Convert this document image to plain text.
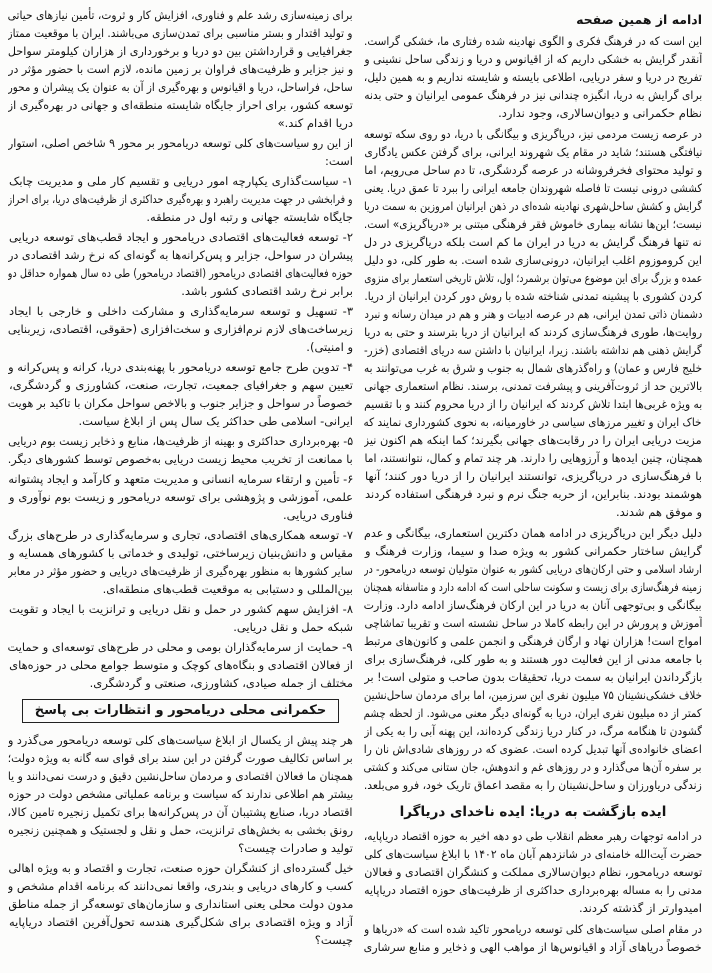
ادامه از همین صفحه
این است که در فرهنگ فکری و الگوی نهادینه شده رفتاری ما، خشکی گراست.
آنقدر گرایش به خشکی داریم که از اقیانوس و دریا و زندگی ساحل نشینی و
تفریح در دریا و سفر دریایی، اطلاعی بایسته و شایسته نداریم و به همین دلیل،
برای گرایش به دریا، انگیزه چندانی نیز در فرهنگ عمومی ایرانیان و حتی بدنه
نظام حکمرانی و دیوان‌سالاری، وجود ندارد.
در عرصه زیست مردمی نیز، دریاگریزی و بیگانگی با دریا، دو روی سکه توسعه
نیافتگی هستند؛ شاید در مقام یک شهروند ایرانی، برای گرفتن عکس یادگاری
و تولید محتوای فخرفروشانه در عرصه گردشگری، تا دم ساحل می‌رویم، اما
کششی درونی نیست تا فاصله شهروندان جامعه ایرانی را ببرد تا عمق دریا. یعنی
گرایش و کشش ساحل‌شهری نهادینه شده‌ای در ذهن ایرانیان امروزین به سمت دریا
نیست؛ این‌ها نشانه بیماری خاموش فقر فرهنگی مبتنی بر «دریاگریزی» است.
نه تنها فرهنگ گرایش به دریا در ایران ما کم است بلکه دریاگریزی در دل
این کروموزوم اغلب ایرانیان، درونی‌سازی شده است. به طور کلی، دو دلیل
عمده و بزرگ برای این موضوع می‌توان برشمرد؛ اول، تلاش تاریخی استعمار برای منزوی
کردن کشوری با پیشینه تمدنی شناخته شده با روش دور کردن ایرانیان از دریا.
دشمنان ذاتی تمدن ایرانی، هم در عرصه ادبیات و هنر و هم در میدان رسانه و نبرد
روایت‌ها، طوری فرهنگ‌سازی کردند که ایرانیان از دریا بترسند و حتی به دریا
گرایش ذهنی هم نداشته باشند. زیرا، ایرانیان با داشتن سه دریای اقتصادی (خزر-
خلیج فارس و عمان) و راه‌گذرهای شمال به جنوب و شرق به غرب می‌توانند به
بالاترین حد از ثروت‌آفرینی و پیشرفت تمدنی، برسند. نظام استعماری جهانی
به ویژه غربی‌ها ابتدا تلاش کردند که ایرانیان را از دریا محروم کنند و با تقسیم
خاک ایران و تغییر مرزهای سیاسی در خاورمیانه، به نحوی کشورداری نمایند که
مزیت دریایی ایران را در رقابت‌های جهانی بگیرند؛ کما اینکه هم اکنون نیز
همچنان، چنین ایده‌ها و آرزوهایی را دارند. هر چند تمام و کمال، نتوانستند، اما
با فرهنگ‌سازی در دریاگریزی، توانستند ایرانیان را از دریا دور کنند؛ آنها
هوشمند بودند. بنابراین، از حربه جنگ نرم و نبرد فرهنگی استفاده کردند
و موفق هم شدند.
دلیل دیگر این دریاگریزی در ادامه همان دکترین استعماری، بیگانگی و عدم
گرایش ساختار حکمرانی کشور به ویژه صدا و سیما، وزارت فرهنگ و
ارشاد اسلامی و حتی ارکان‌های دریایی کشور به عنوان متولیان توسعه دریامحور- در
زمینه فرهنگ‌سازی برای زیست و سکونت ساحلی است که ادامه دارد و متاسفانه همچنان
بیگانگی و بی‌توجهی آنان به دریا در این ارکان فرهنگ‌ساز ادامه دارد. وزارت
آموزش و پرورش در این رابطه کاملا در ساحل نشسته است و تقریبا تماشاچی
امواج است! هزاران نهاد و ارگان فرهنگی و انجمن علمی و کانون‌های مرتبط
با جامعه مدنی از این فعالیت دور هستند و به طور کلی، فرهنگ‌سازی برای
بازگرداندن ایرانیان به سمت دریا، تحقیقات بدون صاحب و متولی است! بر
خلاف خشکی‌نشینان ۷۵ میلیون نفری این سرزمین، اما برای مردمان ساحل‌نشین
کمتر از ده میلیون نفری ایران، دریا به گونه‌ای دیگر معنی می‌شود. از لحظه چشم
گشودن تا هنگامه مرگ، در کنار دریا زندگی کرده‌اند، این پهنه آبی را به یکی از
اعضای خانواده‌ی آنها تبدیل کرده است. عضوی که در روزهای شادی‌اش نان را
بر سفره آن‌ها می‌گذارد و در روزهای غم و اندوهش، جان ستانی می‌کند و کشتی
زندگی دریاورزان و ساحل‌نشینان را به مقصد اعماق تاریک خود، فرو می‌بلعد.
ایده بازگشت به دریا: ایده ناخدای دریاگرا
در ادامه توجهات رهبر معظم انقلاب طی دو دهه اخیر به حوزه اقتصاد دریاپایه،
حضرت آیت‌الله خامنه‌ای در شانزدهم آبان ماه ۱۴۰۲ با ابلاغ سیاست‌های کلی
توسعه دریامحور، نظام دیوان‌سالاری مملکت و کنشگران اقتصادی و فعالان
مدنی را به مساله بهره‌برداری حداکثری از ظرفیت‌های حوزه اقتصاد دریاپایه
امیدوارتر از گذشته کردند.
در مقام اصلی سیاست‌های کلی توسعه دریامحور تاکید شده است که «دریاها و
خصوصاً دریاهای آزاد و اقیانوس‌ها از مواهب الهی و ذخایر و منابع سرشاری
برای زمینه‌سازی رشد علم و فناوری، افزایش کار و ثروت، تأمین نیازهای حیاتی
و تولید اقتدار و بستر مناسبی برای تمدن‌سازی می‌باشند. ایران با موقعیت ممتاز
جغرافیایی و قرارداشتن بین دو دریا و برخورداری از هزاران کیلومتر سواحل
و نیز جزایر و ظرفیت‌های فراوان بر زمین مانده، لازم است با حضور مؤثر در
ساحل، فراساحل، دریا و اقیانوس و بهره‌گیری از آن به عنوان یک پیشران و محور
توسعه کشور، برای احراز جایگاه شایسته منطقه‌ای و جهانی در بهره‌گیری از
دریا اقدام کند.»
از این رو سیاست‌های کلی توسعه دریامحور بر محور ۹ شاخص اصلی، استوار
است:
۱- سیاست‌گذاری یکپارچه امور دریایی و تقسیم کار ملی و مدیریت چابک
و فرابخشی در جهت مدیریت راهبرد و بهره‌گیری حداکثری از ظرفیت‌های دریا، برای احراز
جایگاه شایسته جهانی و رتبه اول در منطقه.
۲- توسعه فعالیت‌های اقتصادی دریامحور و ایجاد قطب‌های توسعه دریایی
پیشران در سواحل، جزایر و پس‌کرانه‌ها به گونه‌ای که نرخ رشد اقتصادی در
حوزه فعالیت‌های اقتصادی دریامحور (اقتصاد دریامحور) طی ده سال همواره حداقل دو
برابر نرخ رشد اقتصادی کشور باشد.
۳- تسهیل و توسعه سرمایه‌گذاری و مشارکت داخلی و خارجی با ایجاد
زیرساخت‌های لازم نرم‌افزاری و سخت‌افزاری (حقوقی، اقتصادی، زیربنایی
و امنیتی).
۴- تدوین طرح جامع توسعه دریامحور با پهنه‌بندی دریا، کرانه و پس‌کرانه و
تعیین سهم و جغرافیای جمعیت، تجارت، صنعت، کشاورزی و گردشگری،
خصوصاً در سواحل و جزایر جنوب و بالاخص سواحل مکران با تاکید بر هویت
ایرانی- اسلامی طی حداکثر یک سال پس از ابلاغ سیاست.
۵- بهره‌برداری حداکثری و بهینه از ظرفیت‌ها، منابع و ذخایر زیست بوم دریایی
با ممانعت از تخریب محیط زیست دریایی به‌خصوص توسط کشورهای دیگر.
۶- تأمین و ارتقاء سرمایه انسانی و مدیریت متعهد و کارآمد و ایجاد پشتوانه
علمی، آموزشی و پژوهشی برای توسعه دریامحور و زیست بوم نوآوری و
فناوری دریایی.
۷- توسعه همکاری‌های اقتصادی، تجاری و سرمایه‌گذاری در طرح‌های بزرگ
مقیاس و دانش‌بنیان زیرساختی، تولیدی و خدماتی با کشورهای همسایه و
سایر کشورها به منظور بهره‌گیری از ظرفیت‌های دریایی و حضور مؤثر در معابر
بین‌المللی و دستیابی به موقعیت قطب‌های منطقه‌ای.
۸- افزایش سهم کشور در حمل و نقل دریایی و ترانزیت با ایجاد و تقویت
شبکه حمل و نقل دریایی.
۹- حمایت از سرمایه‌گذاران بومی و محلی در طرح‌های توسعه‌ای و حمایت
از فعالان اقتصادی و بنگاه‌های کوچک و متوسط جوامع محلی در حوزه‌های
مختلف از جمله صیادی، کشاورزی، صنعتی و گردشگری.
حکمرانی محلی دریامحور و انتظارات بی پاسخ
هر چند پیش از یکسال از ابلاغ سیاست‌های کلی توسعه دریامحور می‌گذرد و
بر اساس تکالیف صورت گرفتن در این سند برای قوای سه گانه به ویژه دولت؛
همچنان ما فعالان اقتصادی و مردمان ساحل‌نشین دقیق و درست نمی‌دانند و یا
بیشتر هم اطلاعی ندارند که سیاست و برنامه عملیاتی مشخص دولت در حوزه
اقتصاد دریا، صنایع پشتیبان آن در پس‌کرانه‌ها برای تکمیل زنجیره تامین کالا،
رونق بخشی به بخش‌های ترانزیت، حمل و نقل و لجستیک و همچنین زنجیره
تولید و صادرات چیست؟
خیل گسترده‌ای از کنشگران حوزه صنعت، تجارت و اقتصاد و به ویژه اهالی
کسب و کارهای دریایی و بندری، واقعا نمی‌دانند که برنامه اقدام مشخص و
مدون دولت محلی یعنی استانداری و سازمان‌های توسعه‌گر از جمله مناطق
آزاد و ویژه اقتصادی برای شکل‌گیری هندسه تحول‌آفرین اقتصاد دریاپایه
چیست؟
